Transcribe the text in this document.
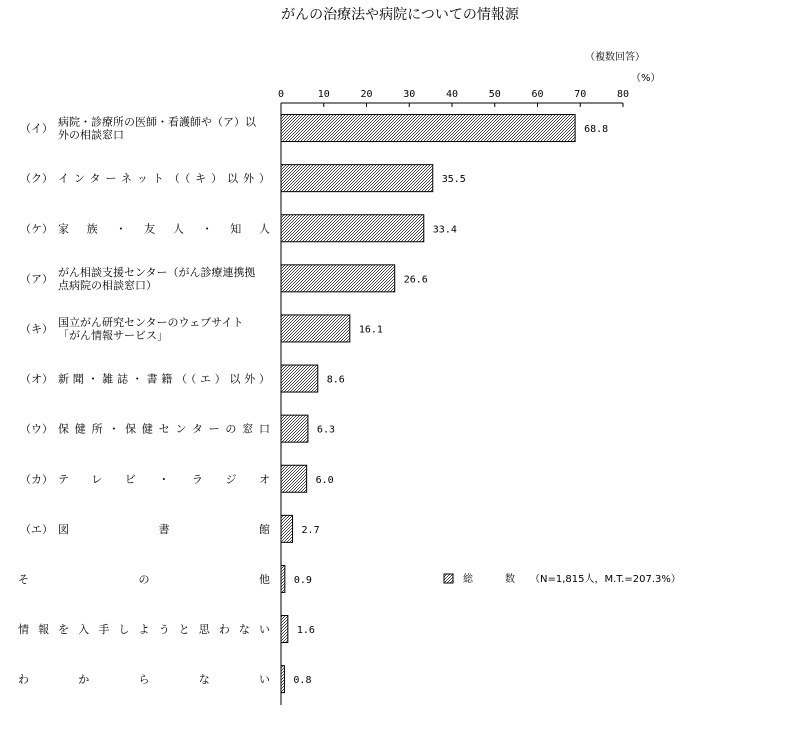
がんの治療法や病院についての情報源
（複数回答）
（%）
0	10	20	30	40	50	60	70	80
（イ） 病院・診療所の医師・看護師や（ア）以
外の相談窓口	68.8
（ク） インターネット（（キ）以外）	35.5
（ケ） 家族・友人・知人	33.4
（ア） がん相談支援センター（がん診療連携拠
点病院の相談窓口）	26.6
（キ） 国立がん研究センターのウェブサイト
「がん情報サービス」	16.1
（オ） 新聞・雑誌・書籍（（エ）以外）	8.6
（ウ） 保健所・保健センターの窓口	6.3
（カ） テレビ・ラジオ	6.0
（エ） 図書館	2.7
その他 0.9
情報を入手しようと思わない	1.6
わからない 0.8
総数 （N=1,815人，M.T.=207.3%）
